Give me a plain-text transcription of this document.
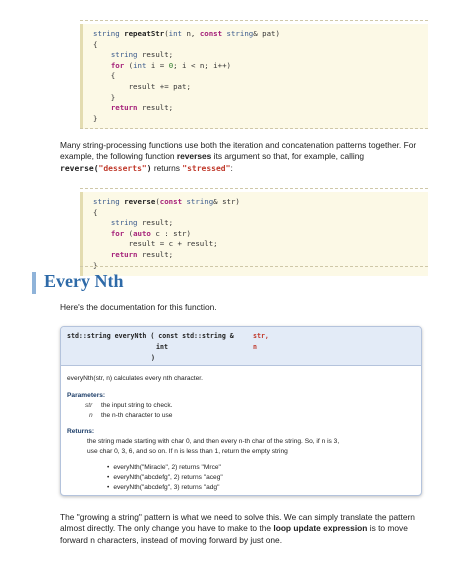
string repeatStr(int n, const string& pat)
{
string result;
for (int i = 0; i < n; i++)
{
result += pat;
}
return result;
}

Many string-processing functions use both the iteration and concatenation patterns together. For example, the following function reverses its argument so that, for example, calling reverse("desserts") returns "stressed":

string reverse(const string& str)
{
string result;
for (auto c : str)
result = c + result;
return result;
}
Every Nth

Here's the documentation for this function.

std::string everyNth ( const std::string & str,
int	n
)
everyNth(str, n) calculates every nth character.
Parameters:
str the input string to check.
n the n-th character to use
Returns:
the string made starting with char 0, and then every n-th char of the string. So, if n is 3,
use char 0, 3, 6, and so on. If n is less than 1, return the empty string
• everyNth("Miracle", 2) returns "Mrce"
• everyNth("abcdefg", 2) returns "aceg"
• everyNth("abcdefg", 3) returns "adg"

The "growing a string" pattern is what we need to solve this. We can simply translate the pattern almost directly. The only change you have to make to the loop update expression is to move forward n characters, instead of moving forward by just one.
